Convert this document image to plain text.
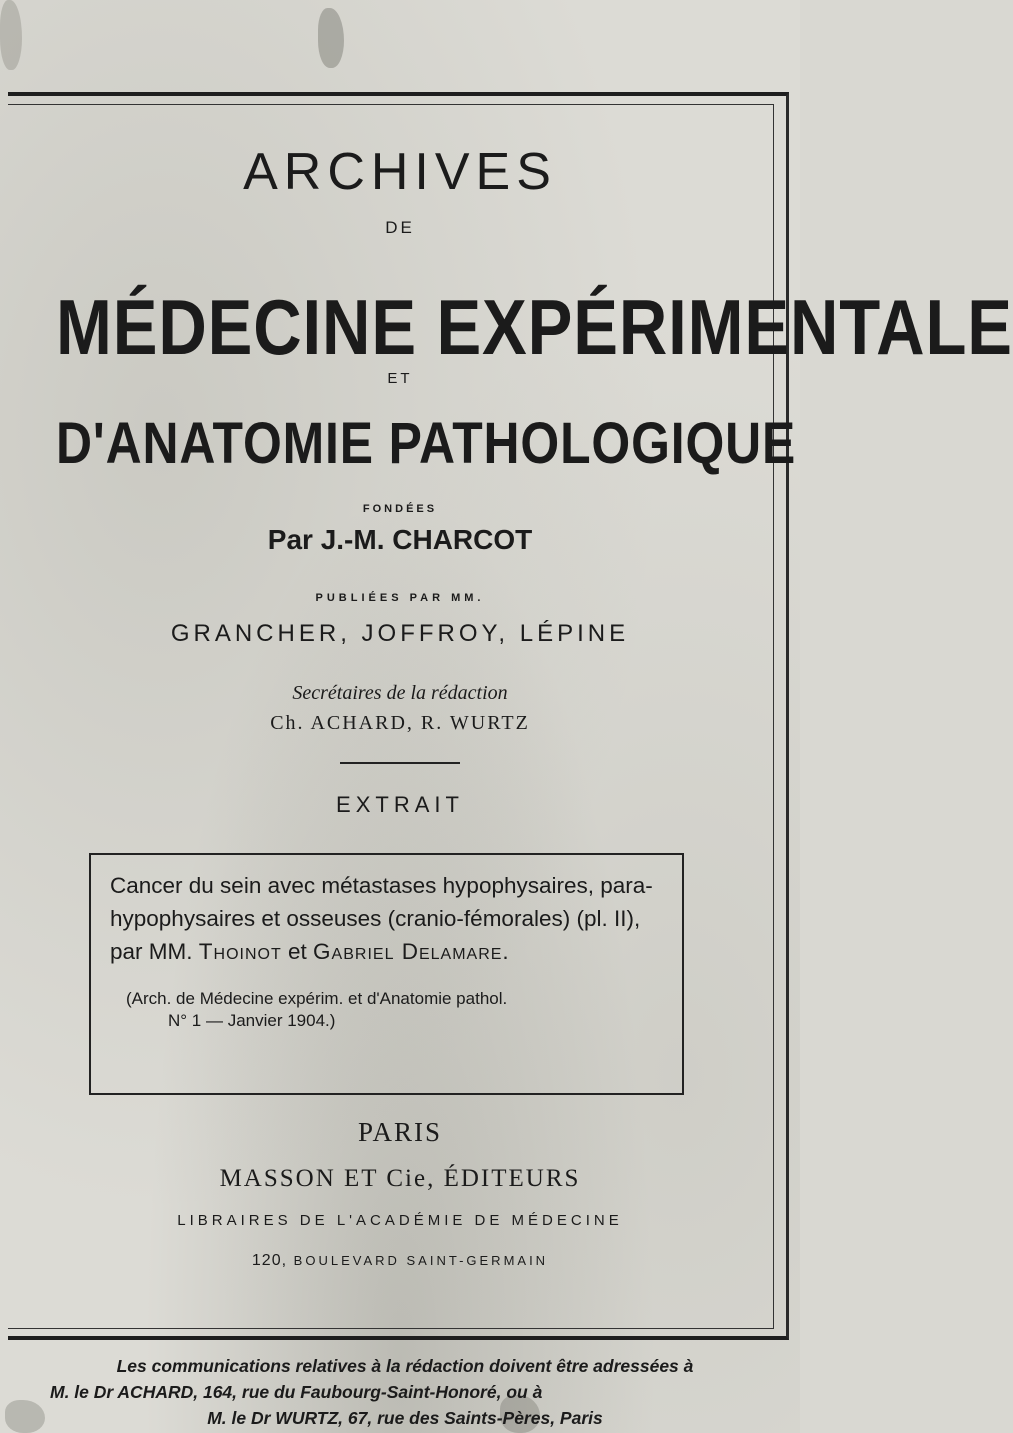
ARCHIVES
DE
MÉDECINE EXPÉRIMENTALE
ET
D'ANATOMIE PATHOLOGIQUE
FONDÉES
Par J.-M. CHARCOT
PUBLIÉES PAR MM.
GRANCHER, JOFFROY, LÉPINE
Secrétaires de la rédaction
Ch. ACHARD, R. WURTZ
EXTRAIT
Cancer du sein avec métastases hypophysaires, para-
hypophysaires et osseuses (cranio-fémorales) (pl. II),
par MM. Thoinot et Gabriel Delamare.
(Arch. de Médecine expérim. et d'Anatomie pathol.
N° 1 — Janvier 1904.)
PARIS
MASSON ET Cie, ÉDITEURS
LIBRAIRES DE L'ACADÉMIE DE MÉDECINE
120, BOULEVARD SAINT-GERMAIN
Les communications relatives à la rédaction doivent être adressées à
M. le Dr ACHARD, 164, rue du Faubourg-Saint-Honoré, ou à
M. le Dr WURTZ, 67, rue des Saints-Pères, Paris
